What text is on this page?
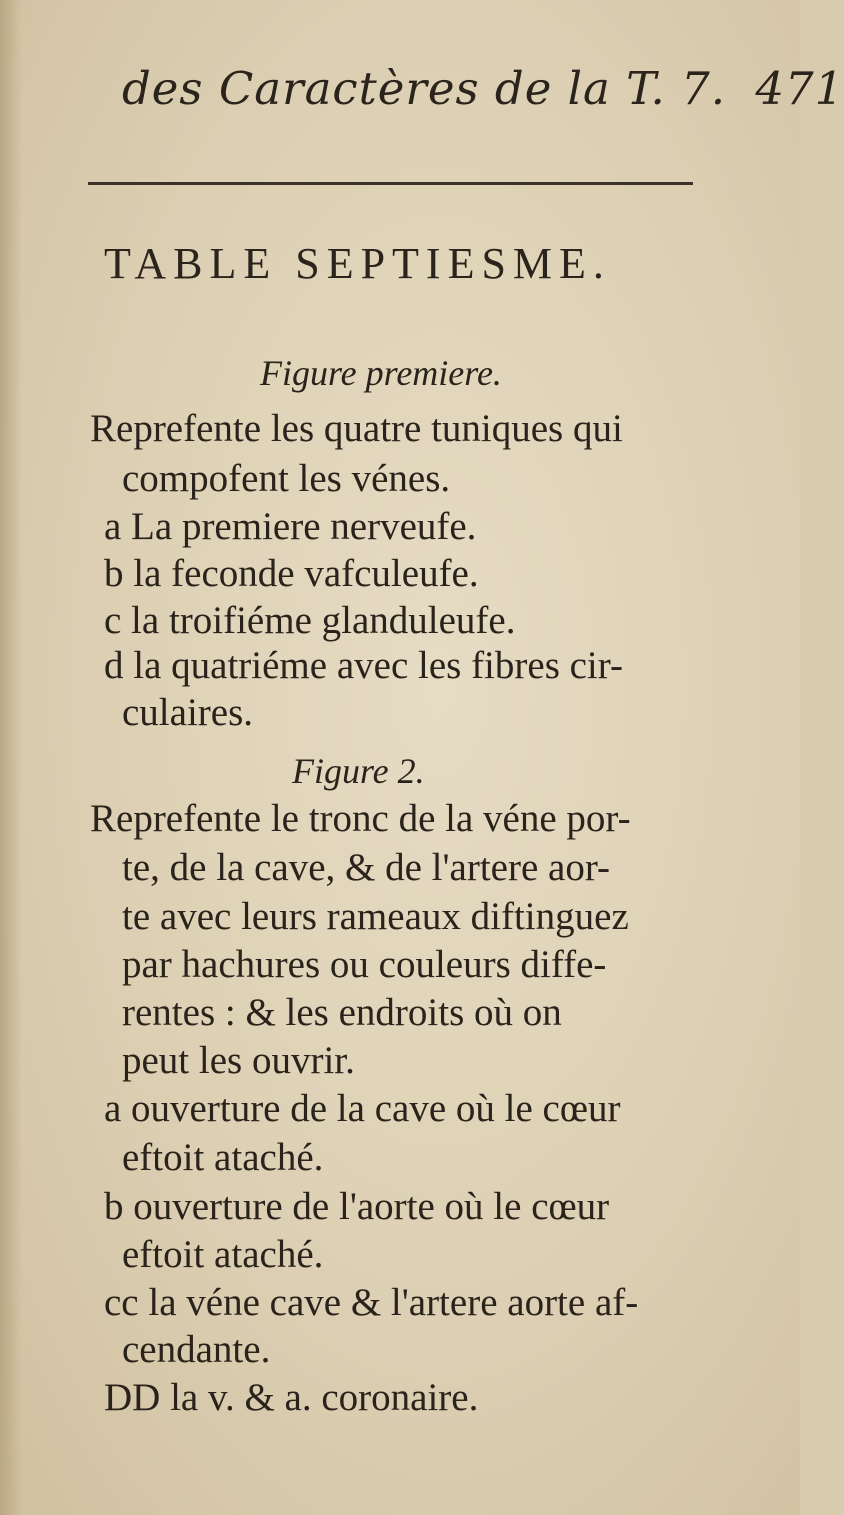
des Caractères de la T. 7. 471
TABLE SEPTIESME.
Figure premiere.
Reprefente les quatre tuniques qui
compofent les vénes.
a La premiere nerveufe.
b la feconde vafculeufe.
c la troifiéme glanduleufe.
d la quatriéme avec les fibres cir-
culaires.
Figure 2.
Reprefente le tronc de la véne por-
te, de la cave, & de l'artere aor-
te avec leurs rameaux diftinguez
par hachures ou couleurs diffe-
rentes : & les endroits où on
peut les ouvrir.
a ouverture de la cave où le cœur
eftoit ataché.
b ouverture de l'aorte où le cœur
eftoit ataché.
cc la véne cave & l'artere aorte af-
cendante.
DD la v. & a. coronaire.
